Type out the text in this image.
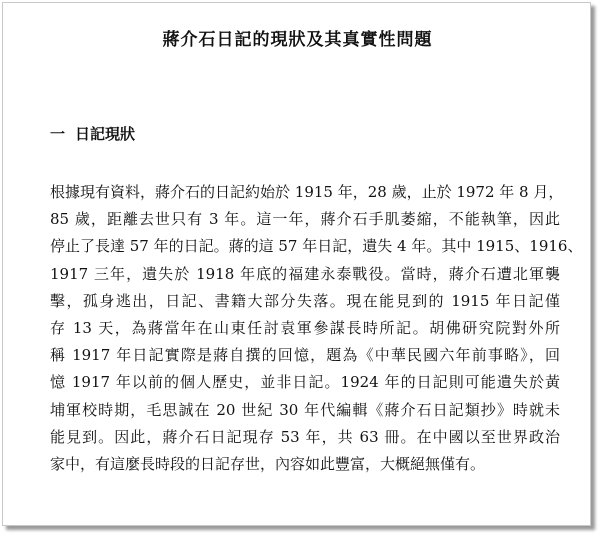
蔣介石日記的現狀及其真實性問題
一 日記現狀
根據現有資料，蔣介石的日記約始於 1915 年，28 歲，止於 1972 年 8 月，
85 歲，距離去世只有 3 年。這一年，蔣介石手肌萎縮，不能執筆，因此
停止了長達 57 年的日記。蔣的這 57 年日記，遺失 4 年。其中 1915、1916、
1917 三年，遺失於 1918 年底的福建永泰戰役。當時，蔣介石遭北軍襲
擊，孤身逃出，日記、書籍大部分失落。現在能見到的 1915 年日記僅
存 13 天，為蔣當年在山東任討袁軍參謀長時所記。胡佛研究院對外所
稱 1917 年日記實際是蔣自撰的回憶，題為《中華民國六年前事略》，回
憶 1917 年以前的個人歷史，並非日記。1924 年的日記則可能遺失於黃
埔軍校時期，毛思誠在 20 世紀 30 年代編輯《蔣介石日記類抄》時就未
能見到。因此，蔣介石日記現存 53 年，共 63 冊。在中國以至世界政治
家中，有這麼長時段的日記存世，內容如此豐富，大概絕無僅有。
